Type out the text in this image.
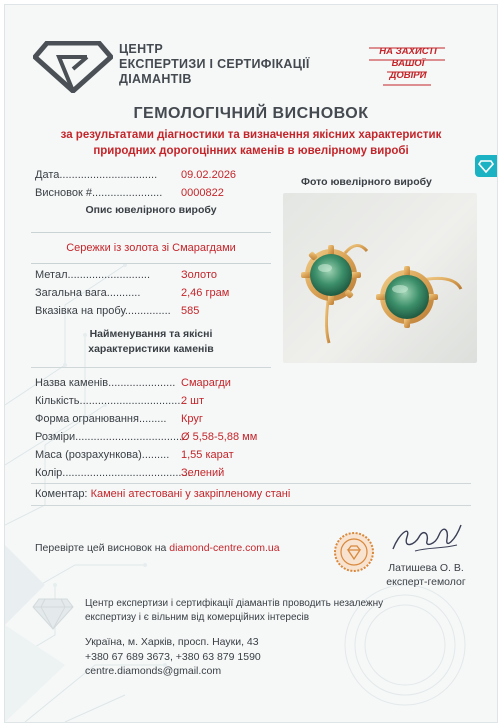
ЦЕНТР
ЕКСПЕРТИЗИ І СЕРТИФІКАЦІЇ
ДІАМАНТІВ
НА ЗАХИСТІ
ВАШОЇ
ДОВІРИ
ГЕМОЛОГІЧНИЙ ВИСНОВОК
за результатами діагностики та визначення якісних характеристик
природних дорогоцінних каменів в ювелірному виробі
Дата................................ 09.02.2026
Висновок #....................... 0000822
Опис ювелірного виробу
Сережки із золота зі Смарагдами
Метал...........................	Золото
Загальна вага...........	2,46 грам
Вказівка на пробу............... 585
Фото ювелірного виробу
Найменування та якісні
характеристики каменів
Назва каменів...................... Смарагди
Кількість...................................
2 шт
Форма огранювання......... Круг
Розміри.....................................
Ø 5,58-5,88 мм
Маса (розрахункова)......... 1,55 карат
Колір..........................................
Зелений
Коментар: Камені атестовані у закріпленому стані
Перевірте цей висновок на diamond-centre.com.ua
Латишева О. В.
експерт-гемолог
Центр експертизи і сертифікації діамантів проводить незалежну
експертизу і є вільним від комерційних інтересів
Україна, м. Харків, просп. Науки, 43
+380 67 689 3673, +380 63 879 1590
centre.diamonds@gmail.com
